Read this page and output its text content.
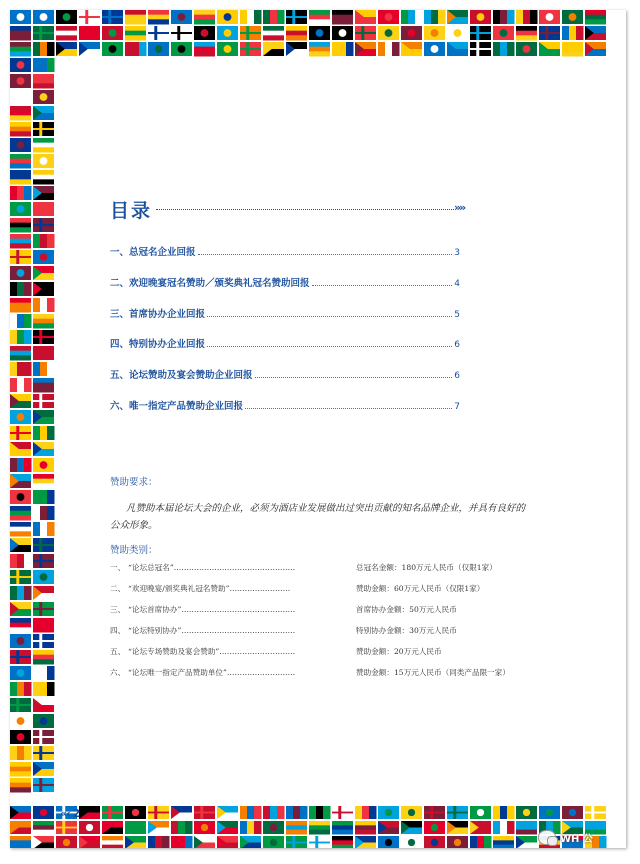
目录	»»
一、总冠名企业回报	3
二、欢迎晚宴冠名赞助／颁奖典礼冠名赞助回报	4
三、首席协办企业回报	5
四、特别协办企业回报	6
五、论坛赞助及宴会赞助企业回报	6
六、唯一指定产品赞助企业回报	7
赞助要求：
凡赞助本届论坛大会的企业，必须为酒店业发展做出过突出贡献的知名品牌企业，并具有良好的公众形象。
赞助类别：
一、 “论坛总冠名”…………………………………………	总冠名金额：180万元人民币（仅限1家）
二、 “欢迎晚宴/颁奖典礼冠名赞助”……………………	赞助金额：60万元人民币（仅限1家）
三、 “论坛首席协办”………………………………………	首席协办金额：50万元人民币
四、 “论坛特别协办”………………………………………	特别协办金额：30万元人民币
五、 “论坛专场赞助及宴会赞助”…………………………	赞助金额：20万元人民币
六、 “论坛唯一指定产品赞助单位”………………………	赞助金额：15万元人民币（同类产品限一家）
«‹ 2
WH 公
